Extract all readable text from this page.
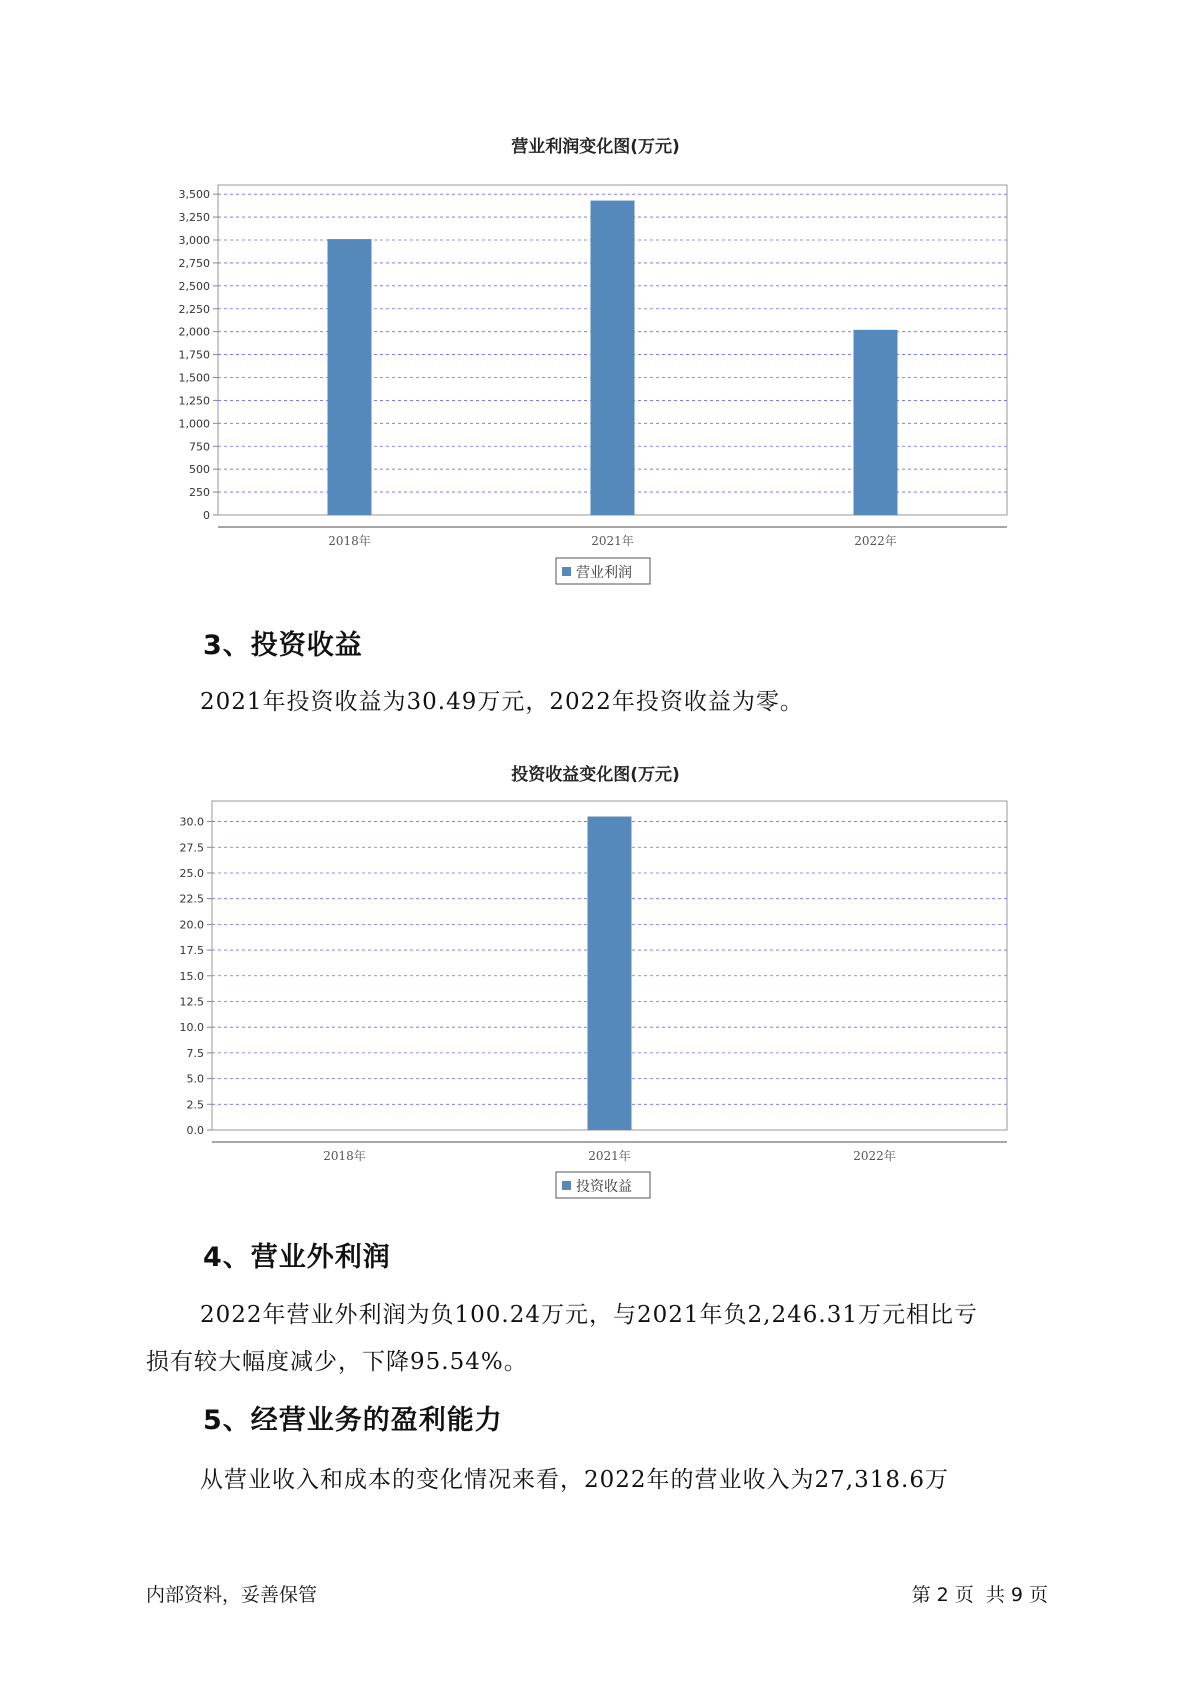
营业利润变化图(万元)
0
250
500
750
1,000
1,250
1,500
1,750
2,000
2,250
2,500
2,750
3,000
3,250
3,500
2018年	2021年	2022年
营业利润
3、投资收益
2021年投资收益为30.49万元，2022年投资收益为零。
投资收益变化图(万元)
0.0
2.5
5.0
7.5
10.0
12.5
15.0
17.5
20.0
22.5
25.0
27.5
30.0
2018年	2021年	2022年
投资收益
4、营业外利润
2022年营业外利润为负100.24万元，与2021年负2,246.31万元相比亏
损有较大幅度减少，下降95.54%。
5、经营业务的盈利能力
从营业收入和成本的变化情况来看，2022年的营业收入为27,318.6万
内部资料，妥善保管	第 2 页  共 9 页
